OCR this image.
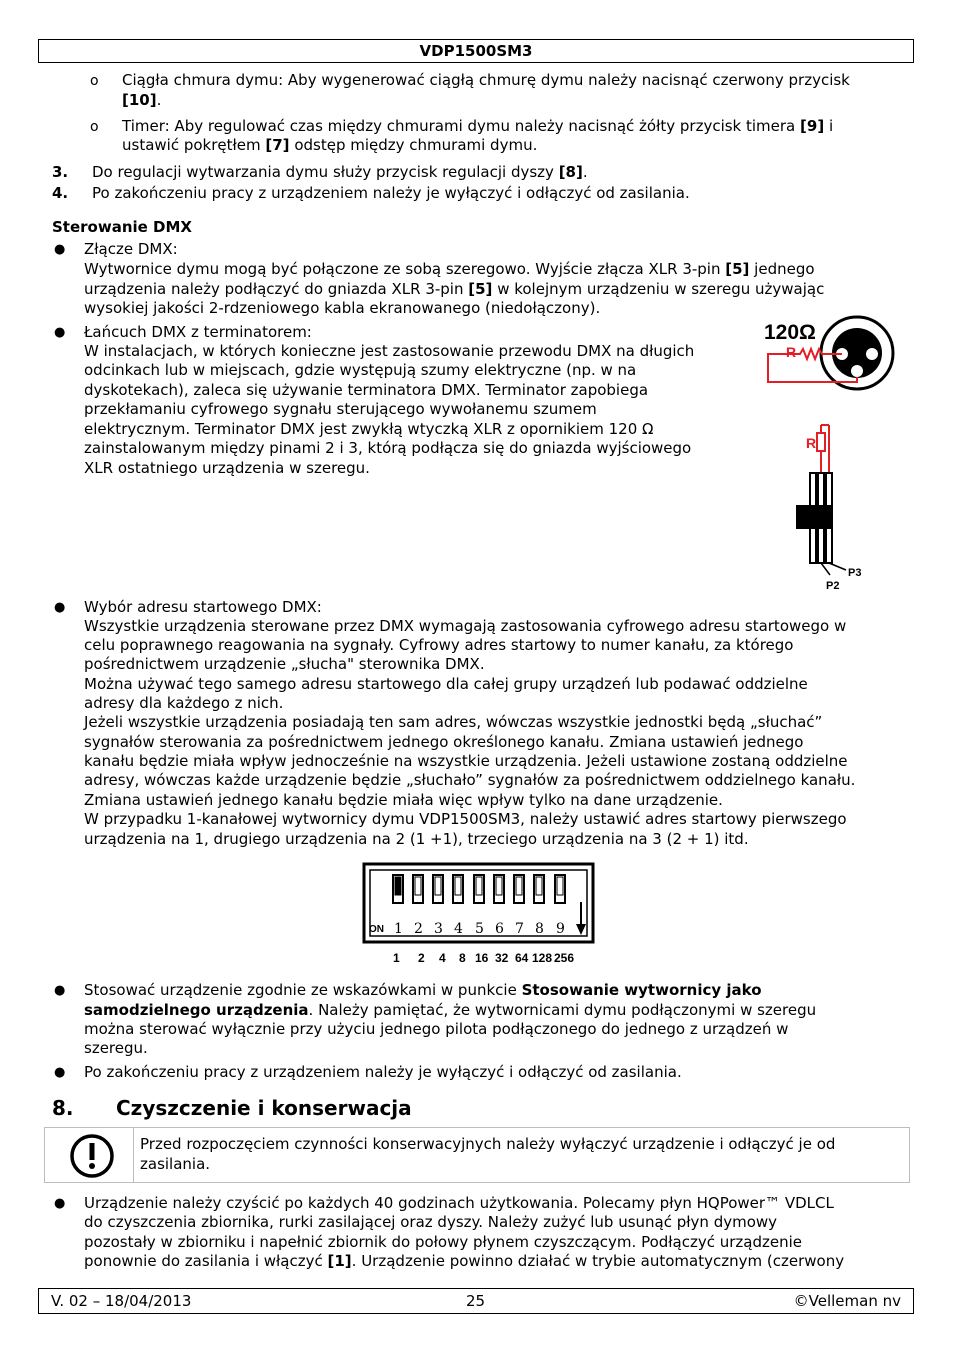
VDP1500SM3
o Ciągła chmura dymu: Aby wygenerować ciągłą chmurę dymu należy nacisnąć czerwony przycisk
[10].
o Timer: Aby regulować czas między chmurami dymu należy nacisnąć żółty przycisk timera [9] i
ustawić pokrętłem [7] odstęp między chmurami dymu.
3. Do regulacji wytwarzania dymu służy przycisk regulacji dyszy [8].
4. Po zakończeniu pracy z urządzeniem należy je wyłączyć i odłączyć od zasilania.
Sterowanie DMX
● Złącze DMX:
Wytwornice dymu mogą być połączone ze sobą szeregowo. Wyjście złącza XLR 3-pin [5] jednego
urządzenia należy podłączyć do gniazda XLR 3-pin [5] w kolejnym urządzeniu w szeregu używając
wysokiej jakości 2-rdzeniowego kabla ekranowanego (niedołączony).
● Łańcuch DMX z terminatorem:
W instalacjach, w których konieczne jest zastosowanie przewodu DMX na długich
odcinkach lub w miejscach, gdzie występują szumy elektryczne (np. w na
dyskotekach), zaleca się używanie terminatora DMX. Terminator zapobiega
przekłamaniu cyfrowego sygnału sterującego wywołanemu szumem
elektrycznym. Terminator DMX jest zwykłą wtyczką XLR z opornikiem 120 Ω
zainstalowanym między pinami 2 i 3, którą podłącza się do gniazda wyjściowego
XLR ostatniego urządzenia w szeregu.
120Ω
2 1
3
R
R
P2
P3
● Wybór adresu startowego DMX:
Wszystkie urządzenia sterowane przez DMX wymagają zastosowania cyfrowego adresu startowego w
celu poprawnego reagowania na sygnały. Cyfrowy adres startowy to numer kanału, za którego
pośrednictwem urządzenie „słucha" sterownika DMX.
Można używać tego samego adresu startowego dla całej grupy urządzeń lub podawać oddzielne
adresy dla każdego z nich.
Jeżeli wszystkie urządzenia posiadają ten sam adres, wówczas wszystkie jednostki będą „słuchać”
sygnałów sterowania za pośrednictwem jednego określonego kanału. Zmiana ustawień jednego
kanału będzie miała wpływ jednocześnie na wszystkie urządzenia. Jeżeli ustawione zostaną oddzielne
adresy, wówczas każde urządzenie będzie „słuchało” sygnałów za pośrednictwem oddzielnego kanału.
Zmiana ustawień jednego kanału będzie miała więc wpływ tylko na dane urządzenie.
W przypadku 1-kanałowej wytwornicy dymu VDP1500SM3, należy ustawić adres startowy pierwszego
urządzenia na 1, drugiego urządzenia na 2 (1 +1), trzeciego urządzenia na 3 (2 + 1) itd.
ON 1 2 3 4 5 6 7 8 9
1 2 4 8 16 32 64 128 256
● Stosować urządzenie zgodnie ze wskazówkami w punkcie Stosowanie wytwornicy jako
samodzielnego urządzenia. Należy pamiętać, że wytwornicami dymu podłączonymi w szeregu
można sterować wyłącznie przy użyciu jednego pilota podłączonego do jednego z urządzeń w
szeregu.
● Po zakończeniu pracy z urządzeniem należy je wyłączyć i odłączyć od zasilania.
8. Czyszczenie i konserwacja
Przed rozpoczęciem czynności konserwacyjnych należy wyłączyć urządzenie i odłączyć je od
zasilania.
● Urządzenie należy czyścić po każdych 40 godzinach użytkowania. Polecamy płyn HQPower™ VDLCL
do czyszczenia zbiornika, rurki zasilającej oraz dyszy. Należy zużyć lub usunąć płyn dymowy
pozostały w zbiorniku i napełnić zbiornik do połowy płynem czyszczącym. Podłączyć urządzenie
ponownie do zasilania i włączyć [1]. Urządzenie powinno działać w trybie automatycznym (czerwony
V. 02 – 18/04/2013	25	©Velleman nv
